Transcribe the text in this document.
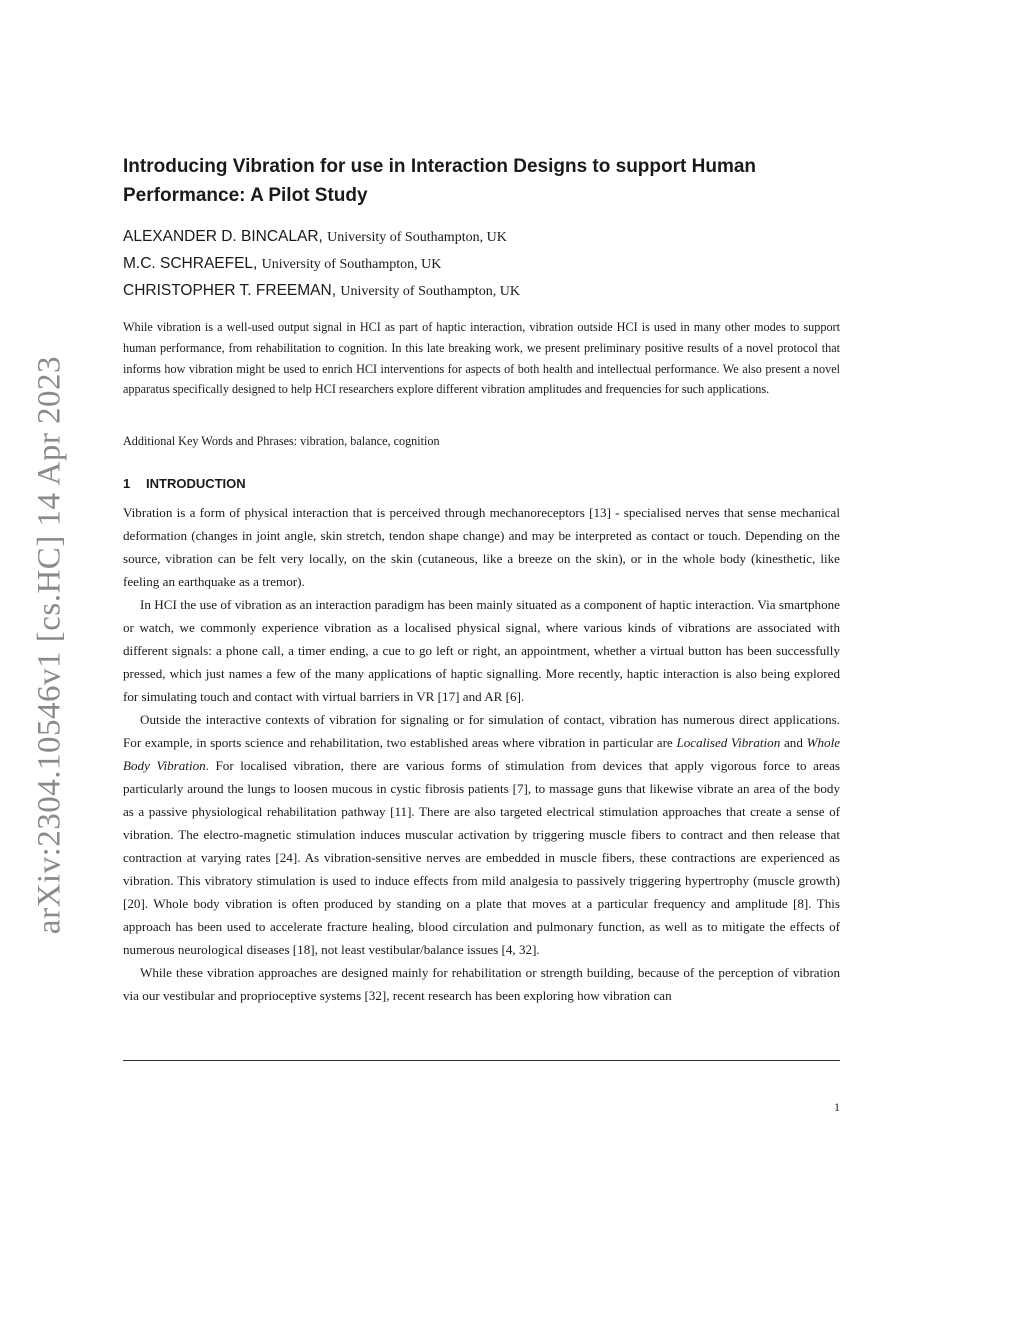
arXiv:2304.10546v1 [cs.HC] 14 Apr 2023
Introducing Vibration for use in Interaction Designs to support Human Performance: A Pilot Study
ALEXANDER D. BINCALAR, University of Southampton, UK
M.C. SCHRAEFEL, University of Southampton, UK
CHRISTOPHER T. FREEMAN, University of Southampton, UK

While vibration is a well-used output signal in HCI as part of haptic interaction, vibration outside HCI is used in many other modes to support human performance, from rehabilitation to cognition. In this late breaking work, we present preliminary positive results of a novel protocol that informs how vibration might be used to enrich HCI interventions for aspects of both health and intellectual performance. We also present a novel apparatus specifically designed to help HCI researchers explore different vibration amplitudes and frequencies for such applications.

Additional Key Words and Phrases: vibration, balance, cognition

1 INTRODUCTION

Vibration is a form of physical interaction that is perceived through mechanoreceptors [13] - specialised nerves that sense mechanical deformation (changes in joint angle, skin stretch, tendon shape change) and may be interpreted as contact or touch. Depending on the source, vibration can be felt very locally, on the skin (cutaneous, like a breeze on the skin), or in the whole body (kinesthetic, like feeling an earthquake as a tremor).

In HCI the use of vibration as an interaction paradigm has been mainly situated as a component of haptic interaction. Via smartphone or watch, we commonly experience vibration as a localised physical signal, where various kinds of vibrations are associated with different signals: a phone call, a timer ending, a cue to go left or right, an appointment, whether a virtual button has been successfully pressed, which just names a few of the many applications of haptic signalling. More recently, haptic interaction is also being explored for simulating touch and contact with virtual barriers in VR [17] and AR [6].

Outside the interactive contexts of vibration for signaling or for simulation of contact, vibration has numerous direct applications. For example, in sports science and rehabilitation, two established areas where vibration in particular are Localised Vibration and Whole Body Vibration. For localised vibration, there are various forms of stimulation from devices that apply vigorous force to areas particularly around the lungs to loosen mucous in cystic fibrosis patients [7], to massage guns that likewise vibrate an area of the body as a passive physiological rehabilitation pathway [11]. There are also targeted electrical stimulation approaches that create a sense of vibration. The electro-magnetic stimulation induces muscular activation by triggering muscle fibers to contract and then release that contraction at varying rates [24]. As vibration-sensitive nerves are embedded in muscle fibers, these contractions are experienced as vibration. This vibratory stimulation is used to induce effects from mild analgesia to passively triggering hypertrophy (muscle growth) [20]. Whole body vibration is often produced by standing on a plate that moves at a particular frequency and amplitude [8]. This approach has been used to accelerate fracture healing, blood circulation and pulmonary function, as well as to mitigate the effects of numerous neurological diseases [18], not least vestibular/balance issues [4, 32].

While these vibration approaches are designed mainly for rehabilitation or strength building, because of the perception of vibration via our vestibular and proprioceptive systems [32], recent research has been exploring how vibration can

1
